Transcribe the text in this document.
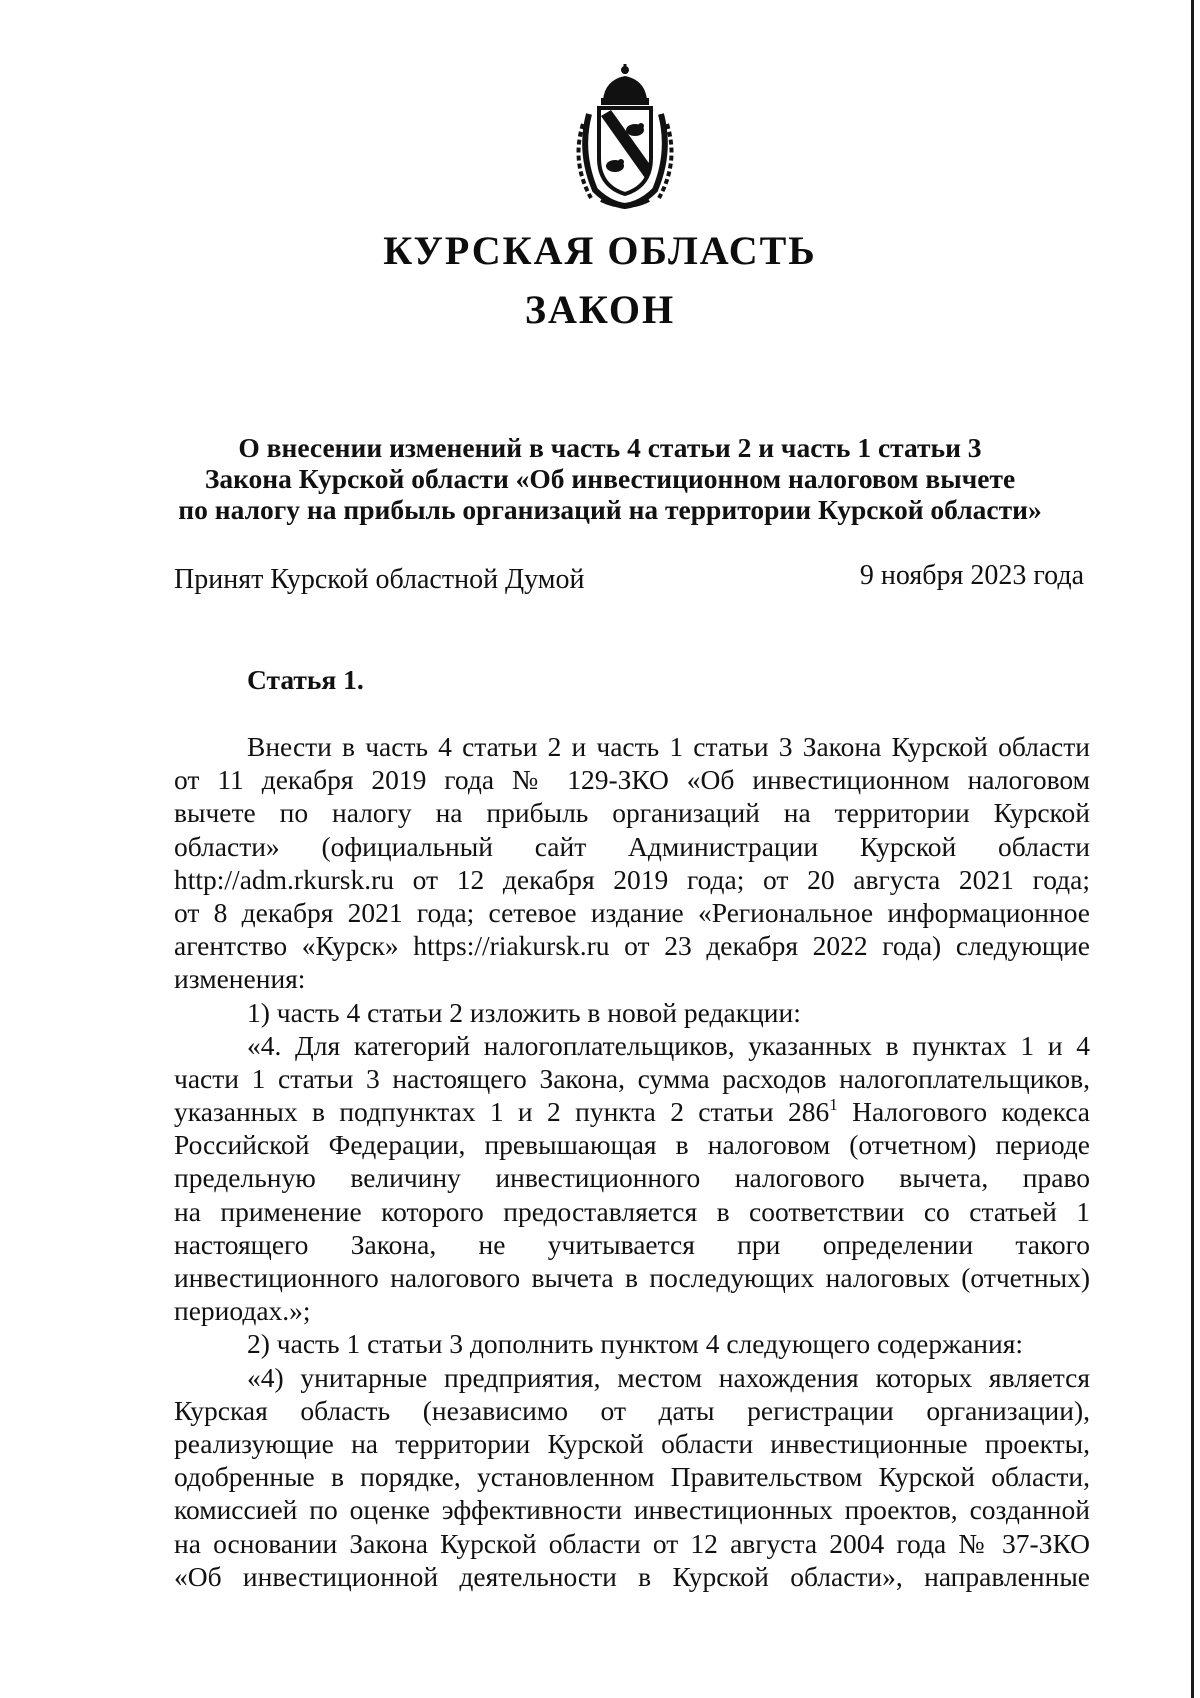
КУРСКАЯ ОБЛАСТЬ
ЗАКОН
О внесении изменений в часть 4 статьи 2 и часть 1 статьи 3
Закона Курской области «Об инвестиционном налоговом вычете
по налогу на прибыль организаций на территории Курской области»
Принят Курской областной Думой	9 ноября 2023 года
Статья 1.
Внести в часть 4 статьи 2 и часть 1 статьи 3 Закона Курской области
от 11 декабря 2019 года № 129-ЗКО «Об инвестиционном налоговом
вычете по налогу на прибыль организаций на территории Курской
области» (официальный сайт Администрации Курской области
http://adm.rkursk.ru от 12 декабря 2019 года; от 20 августа 2021 года;
от 8 декабря 2021 года; сетевое издание «Региональное информационное
агентство «Курск» https://riakursk.ru от 23 декабря 2022 года) следующие
изменения:
1) часть 4 статьи 2 изложить в новой редакции:
«4. Для категорий налогоплательщиков, указанных в пунктах 1 и 4
части 1 статьи 3 настоящего Закона, сумма расходов налогоплательщиков,
указанных в подпунктах 1 и 2 пункта 2 статьи $286^1$ Налогового кодекса
Российской Федерации, превышающая в налоговом (отчетном) периоде
предельную величину инвестиционного налогового вычета, право
на применение которого предоставляется в соответствии со статьей 1
настоящего Закона, не учитывается при определении такого
инвестиционного налогового вычета в последующих налоговых (отчетных)
периодах.»;
2) часть 1 статьи 3 дополнить пунктом 4 следующего содержания:
«4) унитарные предприятия, местом нахождения которых является
Курская область (независимо от даты регистрации организации),
реализующие на территории Курской области инвестиционные проекты,
одобренные в порядке, установленном Правительством Курской области,
комиссией по оценке эффективности инвестиционных проектов, созданной
на основании Закона Курской области от 12 августа 2004 года № 37-ЗКО
«Об инвестиционной деятельности в Курской области», направленные
